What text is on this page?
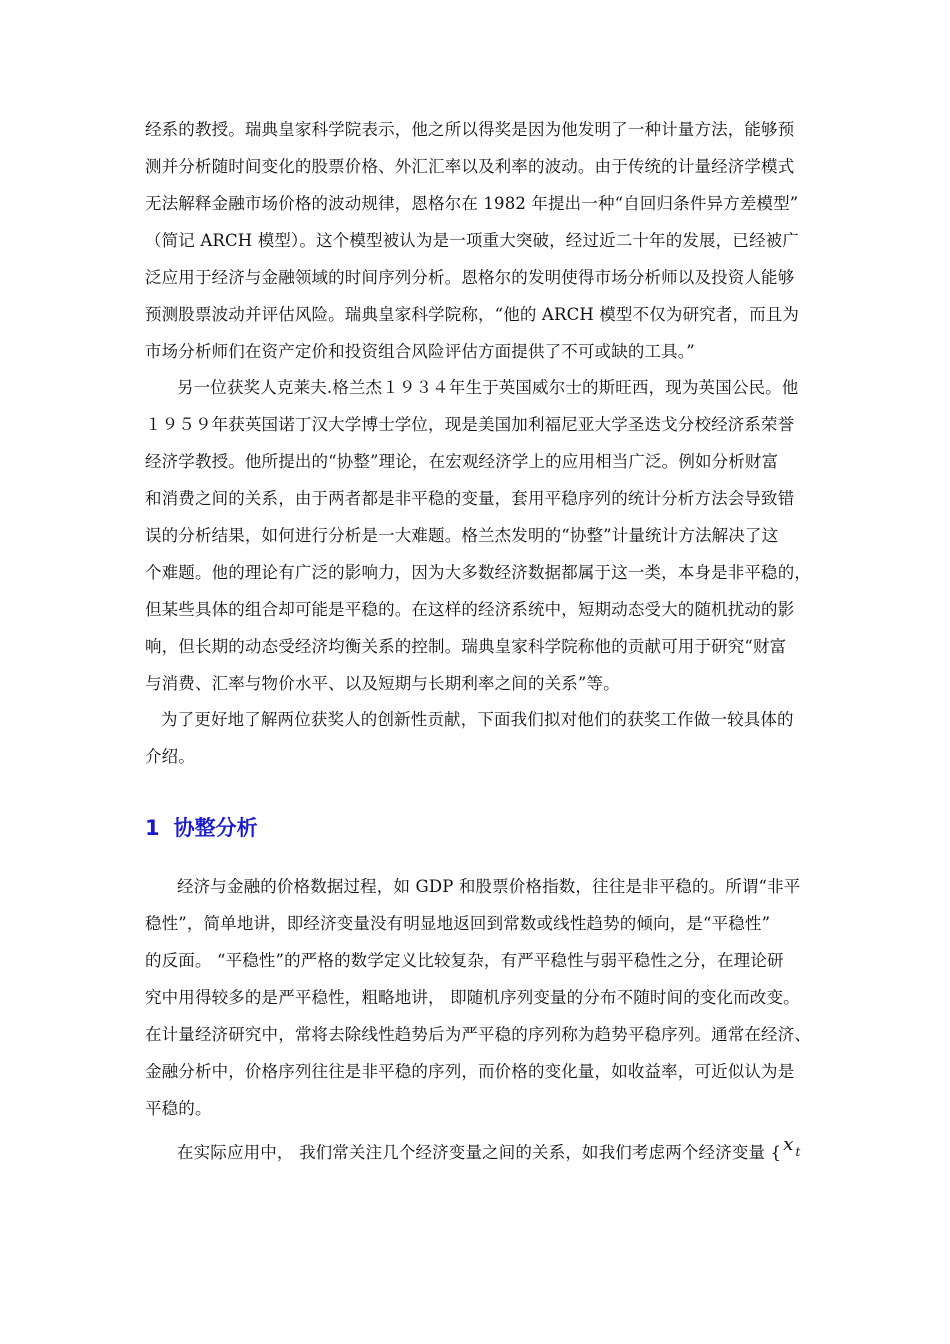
经系的教授。瑞典皇家科学院表示，他之所以得奖是因为他发明了一种计量方法，能够预
测并分析随时间变化的股票价格、外汇汇率以及利率的波动。由于传统的计量经济学模式
无法解释金融市场价格的波动规律，恩格尔在 1982 年提出一种“自回归条件异方差模型”
（简记 ARCH 模型）。这个模型被认为是一项重大突破，经过近二十年的发展，已经被广
泛应用于经济与金融领域的时间序列分析。恩格尔的发明使得市场分析师以及投资人能够
预测股票波动并评估风险。瑞典皇家科学院称，“他的 ARCH 模型不仅为研究者，而且为
市场分析师们在资产定价和投资组合风险评估方面提供了不可或缺的工具。”
另一位获奖人克莱夫.格兰杰１９３４年生于英国威尔士的斯旺西，现为英国公民。他
１９５９年获英国诺丁汉大学博士学位，现是美国加利福尼亚大学圣迭戈分校经济系荣誉
经济学教授。他所提出的“协整”理论，在宏观经济学上的应用相当广泛。例如分析财富
和消费之间的关系，由于两者都是非平稳的变量，套用平稳序列的统计分析方法会导致错
误的分析结果，如何进行分析是一大难题。格兰杰发明的“协整”计量统计方法解决了这
个难题。他的理论有广泛的影响力，因为大多数经济数据都属于这一类，本身是非平稳的，
但某些具体的组合却可能是平稳的。在这样的经济系统中，短期动态受大的随机扰动的影
响，但长期的动态受经济均衡关系的控制。瑞典皇家科学院称他的贡献可用于研究“财富
与消费、汇率与物价水平、以及短期与长期利率之间的关系”等。
为了更好地了解两位获奖人的创新性贡献，下面我们拟对他们的获奖工作做一较具体的
介绍。
1 协整分析
经济与金融的价格数据过程，如 GDP 和股票价格指数，往往是非平稳的。所谓“非平
稳性”，简单地讲，即经济变量没有明显地返回到常数或线性趋势的倾向，是“平稳性”
的反面。 “平稳性”的严格的数学定义比较复杂，有严平稳性与弱平稳性之分，在理论研
究中用得较多的是严平稳性，粗略地讲， 即随机序列变量的分布不随时间的变化而改变。
在计量经济研究中，常将去除线性趋势后为严平稳的序列称为趋势平稳序列。通常在经济、
金融分析中，价格序列往往是非平稳的序列，而价格的变化量，如收益率，可近似认为是
平稳的。
在实际应用中， 我们常关注几个经济变量之间的关系，如我们考虑两个经济变量 { x t
